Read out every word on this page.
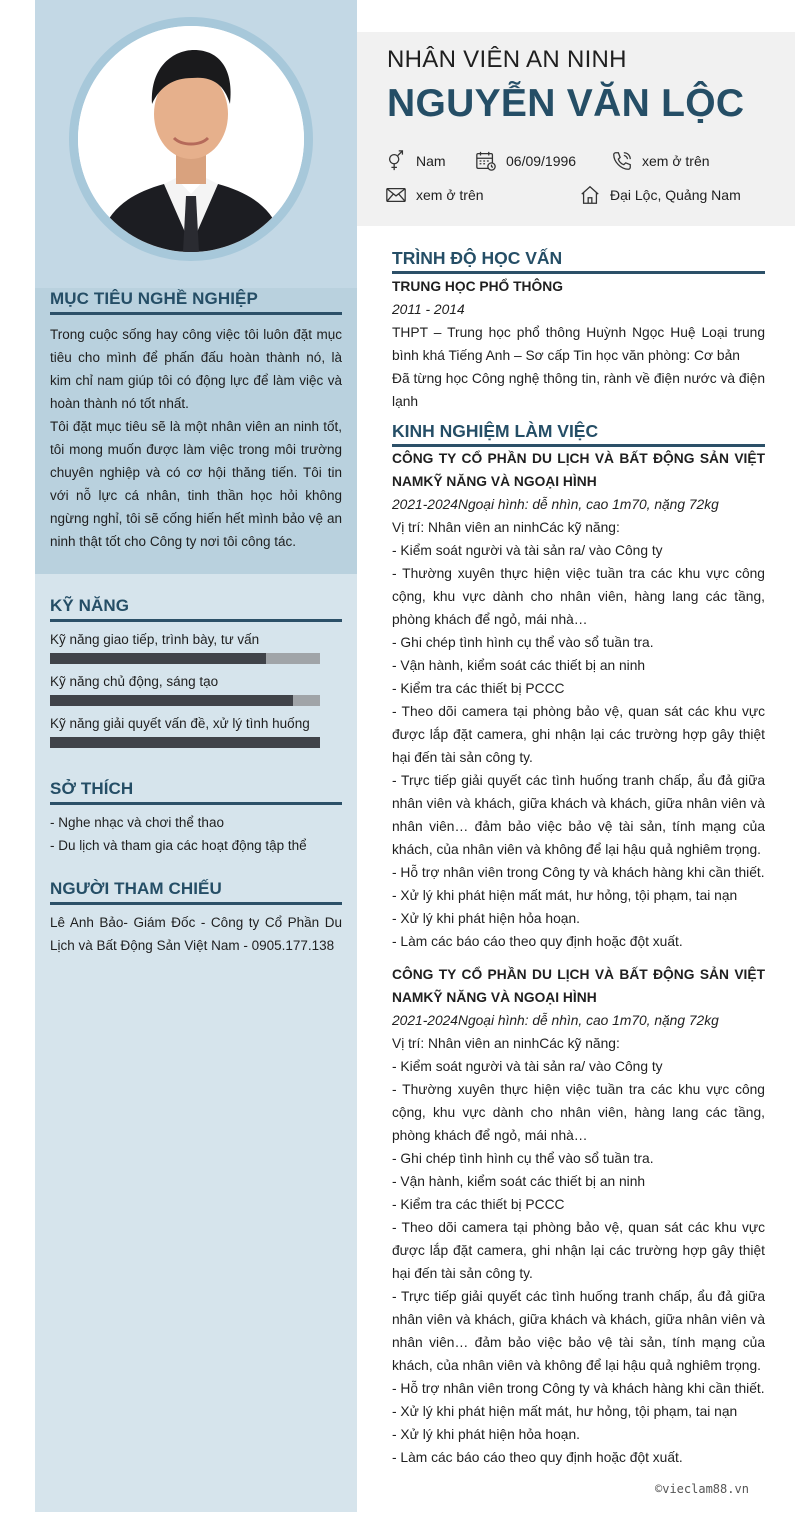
MỤC TIÊU NGHỀ NGHIỆP

Trong cuộc sống hay công việc tôi luôn đặt mục tiêu cho mình để phấn đấu hoàn thành nó, là kim chỉ nam giúp tôi có động lực để làm việc và hoàn thành nó tốt nhất.

Tôi đặt mục tiêu sẽ là một nhân viên an ninh tốt, tôi mong muốn được làm việc trong môi trường chuyên nghiệp và có cơ hội thăng tiến. Tôi tin với nỗ lực cá nhân, tinh thần học hỏi không ngừng nghỉ, tôi sẽ cống hiến hết mình bảo vệ an ninh thật tốt cho Công ty nơi tôi công tác.

KỸ NĂNG
Kỹ năng giao tiếp, trình bày, tư vấn
Kỹ năng chủ động, sáng tạo
Kỹ năng giải quyết vấn đề, xử lý tình huống
SỞ THÍCH
- Nghe nhạc và chơi thể thao
- Du lịch và tham gia các hoạt động tập thể
NGƯỜI THAM CHIẾU
Lê Anh Bảo- Giám Đốc - Công ty Cổ Phần Du Lịch và Bất Động Sản Việt Nam - 0905.177.138
NHÂN VIÊN AN NINH
NGUYỄN VĂN LỘC
Nam	06/09/1996	xem ở trên
xem ở trên	Đại Lộc, Quảng Nam
TRÌNH ĐỘ HỌC VẤN
TRUNG HỌC PHỔ THÔNG
2011 - 2014
THPT – Trung học phổ thông Huỳnh Ngọc Huệ Loại trung bình khá Tiếng Anh – Sơ cấp Tin học văn phòng: Cơ bản
Đã từng học Công nghệ thông tin, rành về điện nước và điện lạnh
KINH NGHIỆM LÀM VIỆC
CÔNG TY CỔ PHẦN DU LỊCH VÀ BẤT ĐỘNG SẢN VIỆT NAMKỸ NĂNG VÀ NGOẠI HÌNH
2021-2024Ngoại hình: dễ nhìn, cao 1m70, nặng 72kg
Vị trí: Nhân viên an ninhCác kỹ năng:
- Kiểm soát người và tài sản ra/ vào Công ty
- Thường xuyên thực hiện việc tuần tra các khu vực công cộng, khu vực dành cho nhân viên, hàng lang các tầng, phòng khách để ngỏ, mái nhà…
- Ghi chép tình hình cụ thể vào sổ tuần tra.
- Vận hành, kiểm soát các thiết bị an ninh
- Kiểm tra các thiết bị PCCC
- Theo dõi camera tại phòng bảo vệ, quan sát các khu vực được lắp đặt camera, ghi nhận lại các trường hợp gây thiệt hại đến tài sản công ty.
- Trực tiếp giải quyết các tình huống tranh chấp, ẩu đả giữa nhân viên và khách, giữa khách và khách, giữa nhân viên và nhân viên… đảm bảo việc bảo vệ tài sản, tính mạng của khách, của nhân viên và không để lại hậu quả nghiêm trọng.
- Hỗ trợ nhân viên trong Công ty và khách hàng khi cần thiết.
- Xử lý khi phát hiện mất mát, hư hỏng, tội phạm, tai nạn
- Xử lý khi phát hiện hỏa hoạn.
- Làm các báo cáo theo quy định hoặc đột xuất.
CÔNG TY CỔ PHẦN DU LỊCH VÀ BẤT ĐỘNG SẢN VIỆT NAMKỸ NĂNG VÀ NGOẠI HÌNH
2021-2024Ngoại hình: dễ nhìn, cao 1m70, nặng 72kg
Vị trí: Nhân viên an ninhCác kỹ năng:
- Kiểm soát người và tài sản ra/ vào Công ty
- Thường xuyên thực hiện việc tuần tra các khu vực công cộng, khu vực dành cho nhân viên, hàng lang các tầng, phòng khách để ngỏ, mái nhà…
- Ghi chép tình hình cụ thể vào sổ tuần tra.
- Vận hành, kiểm soát các thiết bị an ninh
- Kiểm tra các thiết bị PCCC
- Theo dõi camera tại phòng bảo vệ, quan sát các khu vực được lắp đặt camera, ghi nhận lại các trường hợp gây thiệt hại đến tài sản công ty.
- Trực tiếp giải quyết các tình huống tranh chấp, ẩu đả giữa nhân viên và khách, giữa khách và khách, giữa nhân viên và nhân viên… đảm bảo việc bảo vệ tài sản, tính mạng của khách, của nhân viên và không để lại hậu quả nghiêm trọng.
- Hỗ trợ nhân viên trong Công ty và khách hàng khi cần thiết.
- Xử lý khi phát hiện mất mát, hư hỏng, tội phạm, tai nạn
- Xử lý khi phát hiện hỏa hoạn.
- Làm các báo cáo theo quy định hoặc đột xuất.
©vieclam88.vn
